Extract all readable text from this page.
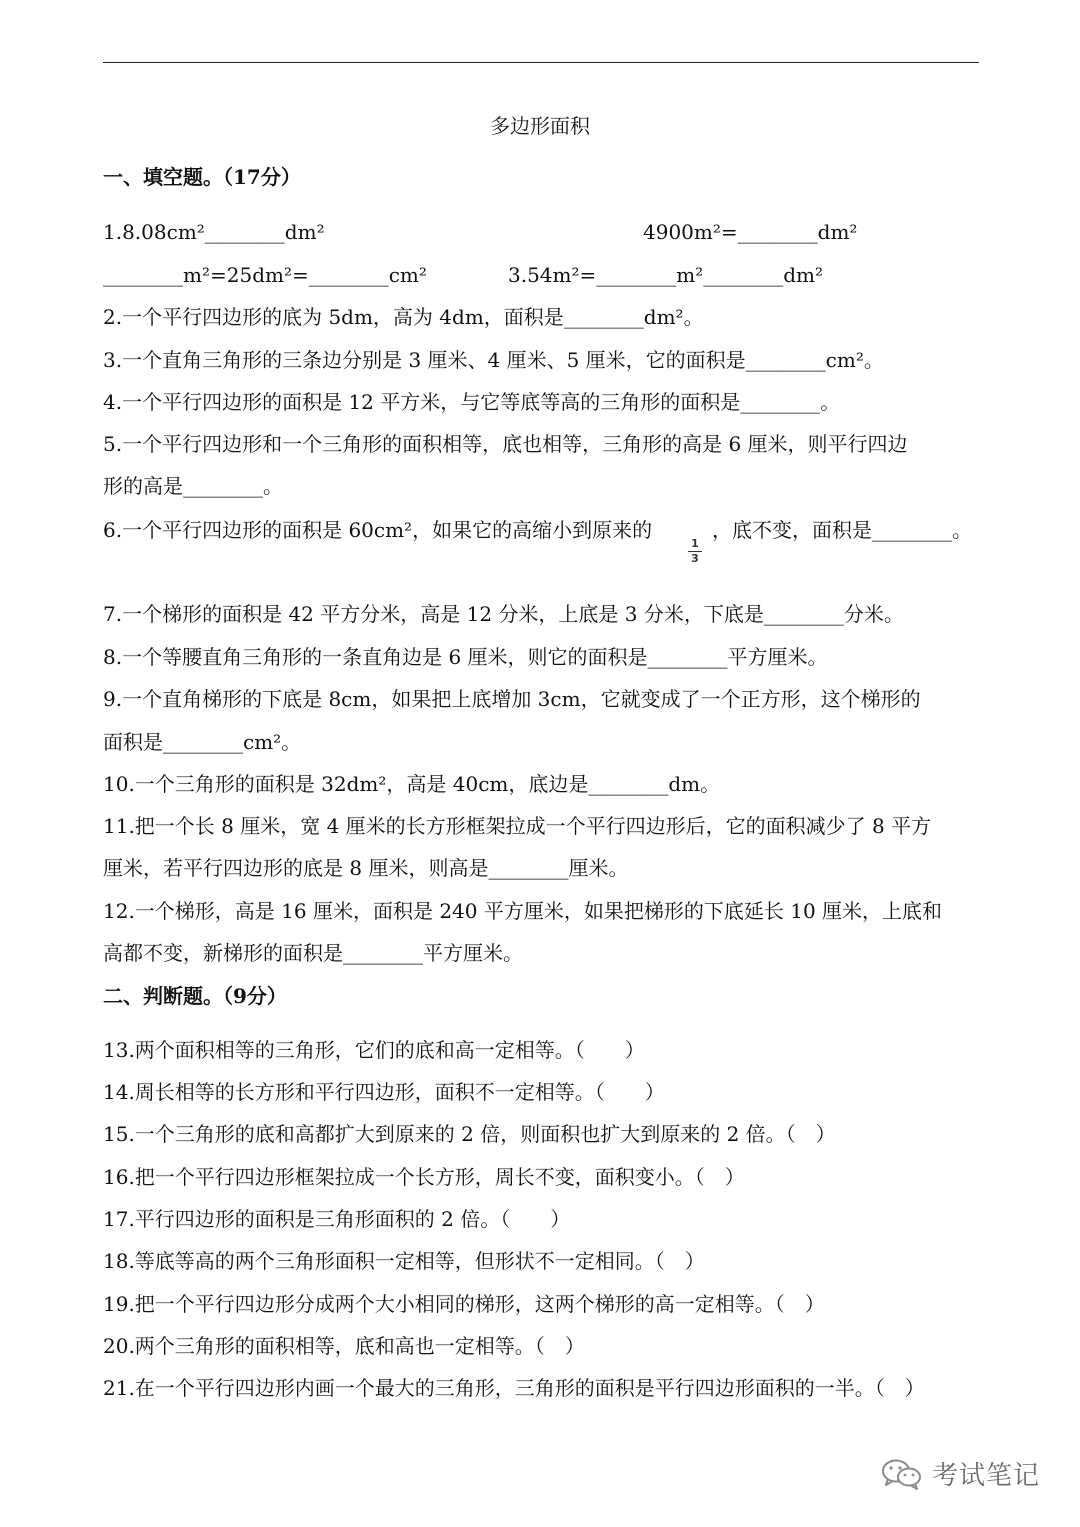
多边形面积
一、填空题。（17分）
1.8.08cm²________dm²	4900m²=________dm²
________m²=25dm²=________cm²	3.54m²=________m²________dm²
2.一个平行四边形的底为 5dm，高为 4dm，面积是________dm²。
3.一个直角三角形的三条边分别是 3 厘米、4 厘米、5 厘米，它的面积是________cm²。
4.一个平行四边形的面积是 12 平方米，与它等底等高的三角形的面积是________。
5.一个平行四边形和一个三角形的面积相等，底也相等，三角形的高是 6 厘米，则平行四边
形的高是________。
6.一个平行四边形的面积是 60cm²，如果它的高缩小到原来的
1
3
，底不变，面积是________。
7.一个梯形的面积是 42 平方分米，高是 12 分米，上底是 3 分米，下底是________分米。
8.一个等腰直角三角形的一条直角边是 6 厘米，则它的面积是________平方厘米。
9.一个直角梯形的下底是 8cm，如果把上底增加 3cm，它就变成了一个正方形，这个梯形的
面积是________cm²。
10.一个三角形的面积是 32dm²，高是 40cm，底边是________dm。
11.把一个长 8 厘米，宽 4 厘米的长方形框架拉成一个平行四边形后，它的面积减少了 8 平方
厘米，若平行四边形的底是 8 厘米，则高是________厘米。
12.一个梯形，高是 16 厘米，面积是 240 平方厘米，如果把梯形的下底延长 10 厘米，上底和
高都不变，新梯形的面积是________平方厘米。
二、判断题。（9分）
13.两个面积相等的三角形，它们的底和高一定相等。（　　）
14.周长相等的长方形和平行四边形，面积不一定相等。（　　）
15.一个三角形的底和高都扩大到原来的 2 倍，则面积也扩大到原来的 2 倍。（　）
16.把一个平行四边形框架拉成一个长方形，周长不变，面积变小。（　）
17.平行四边形的面积是三角形面积的 2 倍。（　　）
18.等底等高的两个三角形面积一定相等，但形状不一定相同。（　）
19.把一个平行四边形分成两个大小相同的梯形，这两个梯形的高一定相等。（　）
20.两个三角形的面积相等，底和高也一定相等。（　）
21.在一个平行四边形内画一个最大的三角形，三角形的面积是平行四边形面积的一半。（　）
考试笔记
